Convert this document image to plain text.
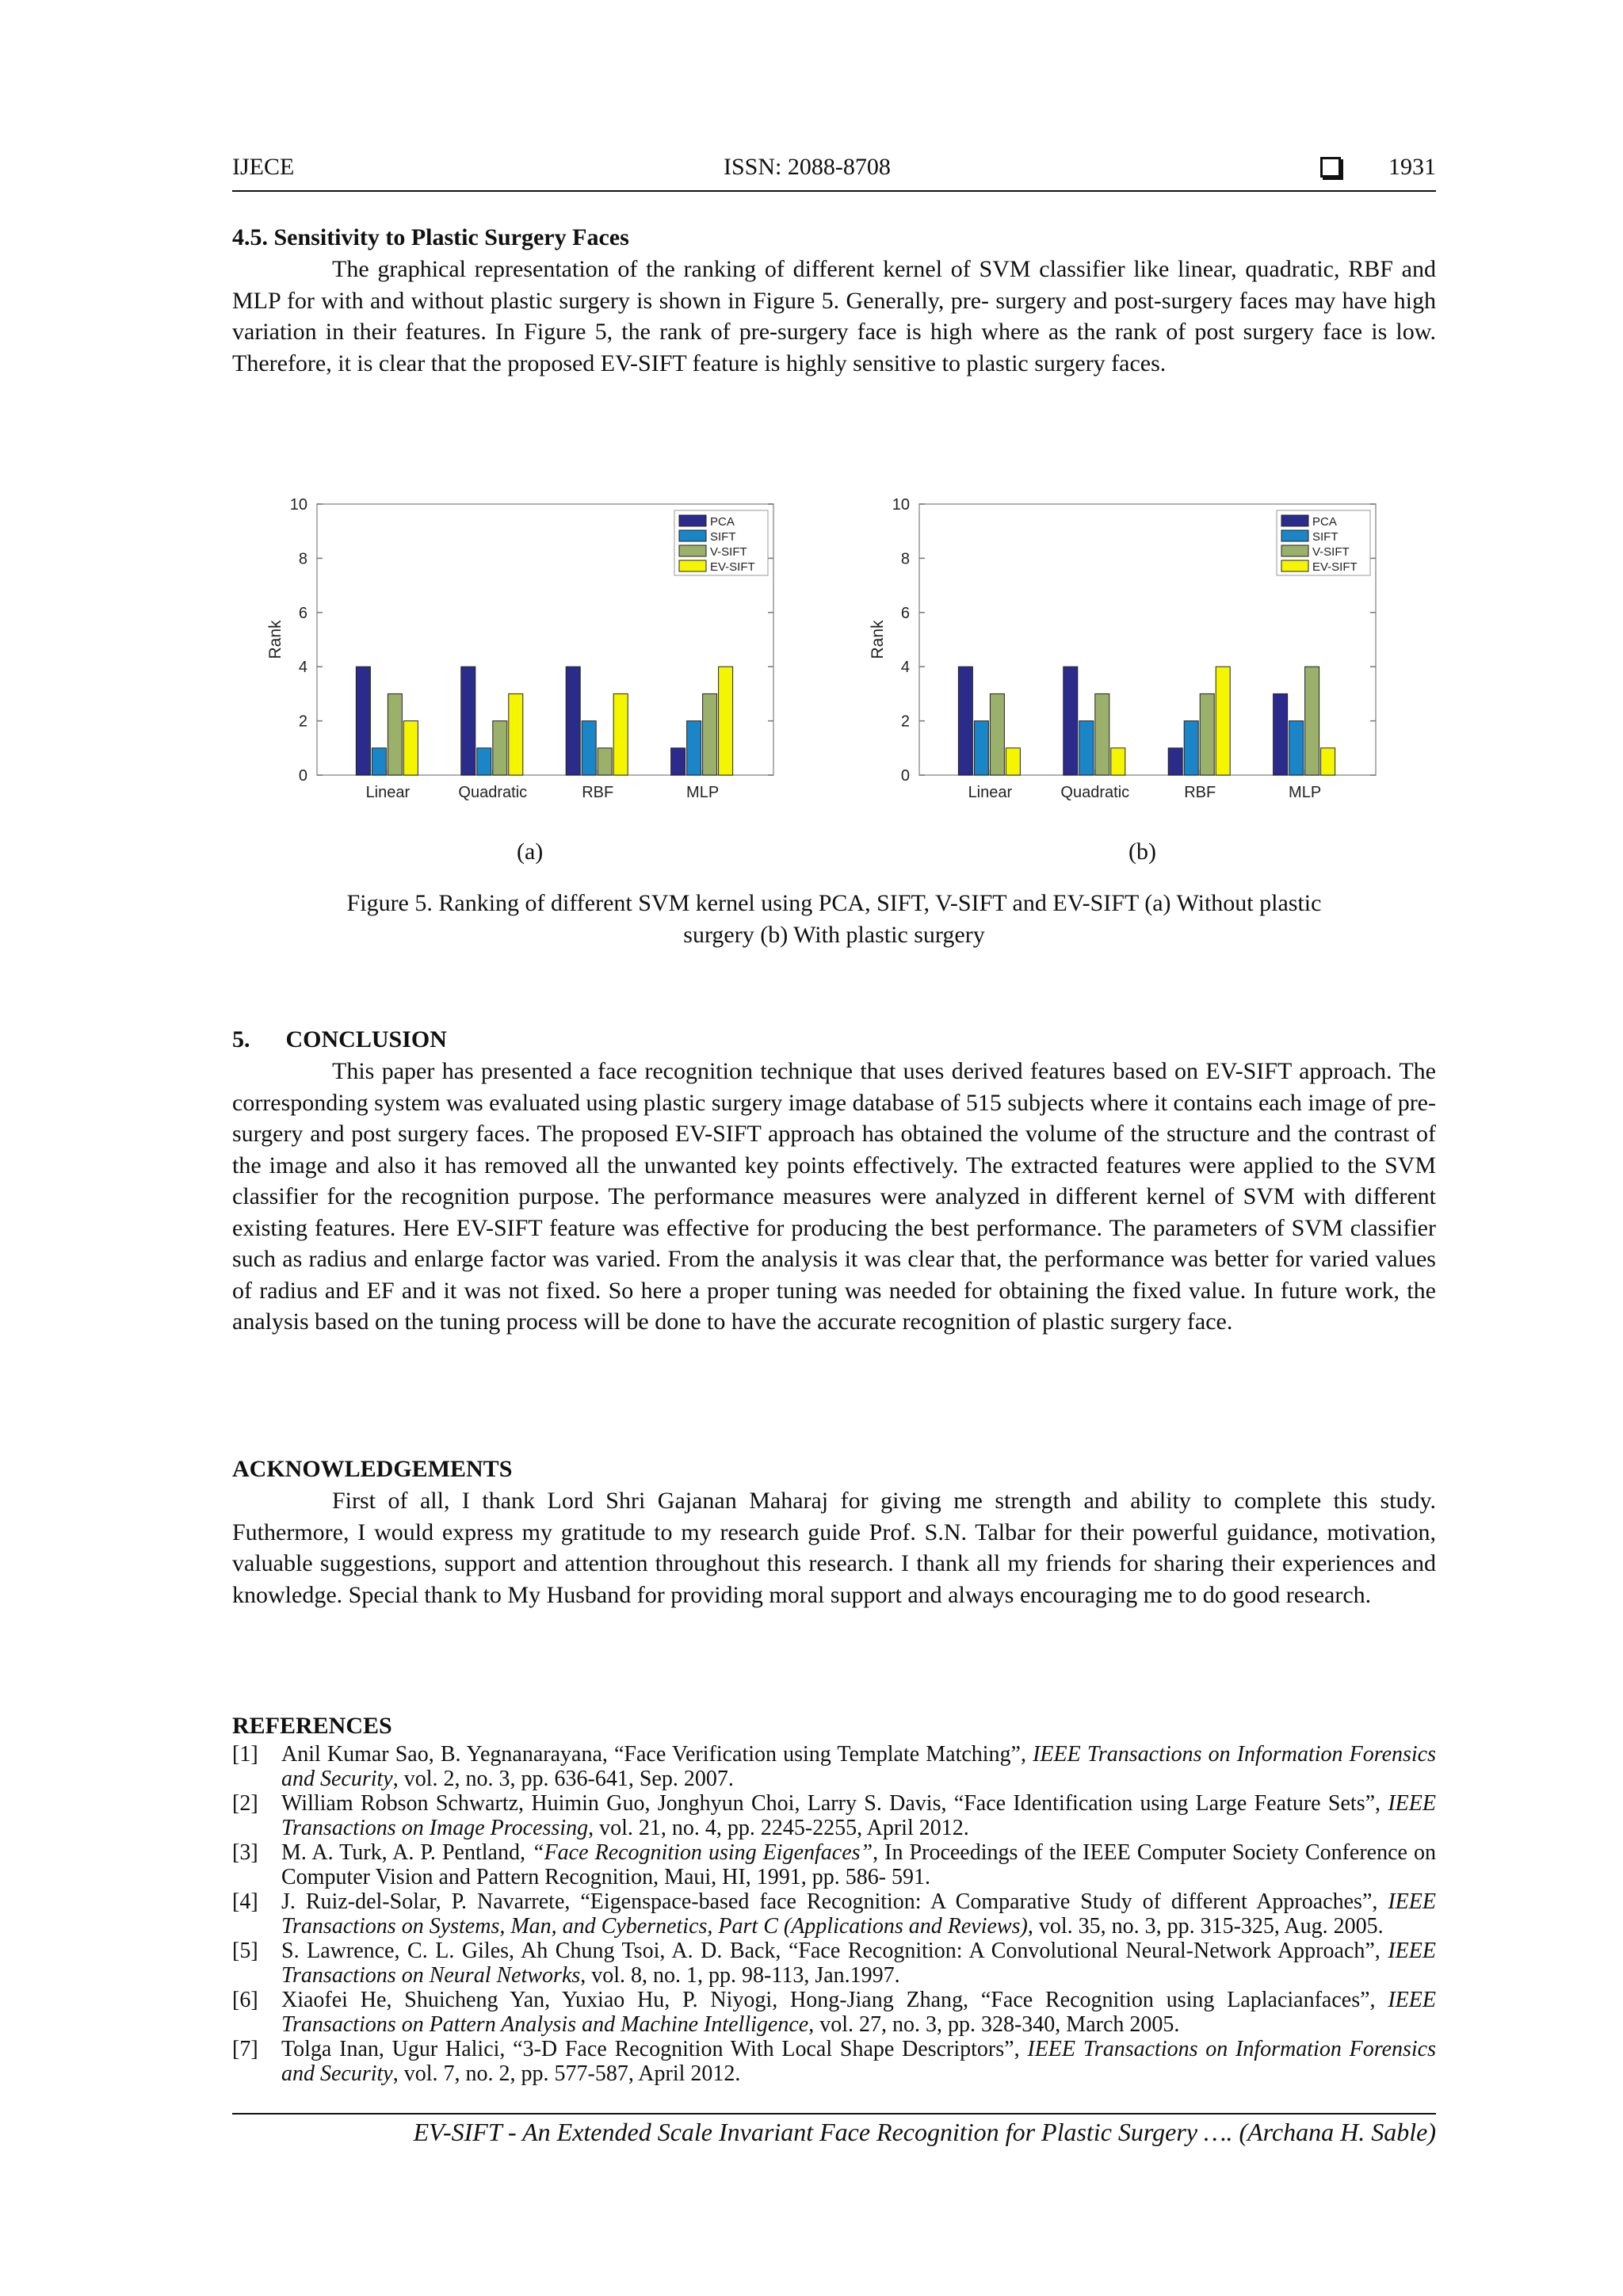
IJECE	ISSN: 2088-8708	1931
4.5. Sensitivity to Plastic Surgery Faces
The graphical representation of the ranking of different kernel of SVM classifier like linear, quadratic, RBF and MLP for with and without plastic surgery is shown in Figure 5. Generally, pre- surgery and post-surgery faces may have high variation in their features. In Figure 5, the rank of pre-surgery face is high where as the rank of post surgery face is low. Therefore, it is clear that the proposed EV-SIFT feature is highly sensitive to plastic surgery faces.
0
2
4
6
8
10
Rank
Linear	Quadratic	RBF	MLP
PCA
SIFT
V-SIFT
EV-SIFT
0
2
4
6
8
10
Rank
Linear	Quadratic	RBF	MLP
PCA
SIFT
V-SIFT
EV-SIFT
(a)	(b)
Figure 5. Ranking of different SVM kernel using PCA, SIFT, V-SIFT and EV-SIFT (a) Without plastic
surgery (b) With plastic surgery
5.      CONCLUSION
This paper has presented a face recognition technique that uses derived features based on EV-SIFT approach. The corresponding system was evaluated using plastic surgery image database of 515 subjects where it contains each image of pre-surgery and post surgery faces. The proposed EV-SIFT approach has obtained the volume of the structure and the contrast of the image and also it has removed all the unwanted key points effectively. The extracted features were applied to the SVM classifier for the recognition purpose. The performance measures were analyzed in different kernel of SVM with different existing features. Here EV-SIFT feature was effective for producing the best performance. The parameters of SVM classifier such as radius and enlarge factor was varied. From the analysis it was clear that, the performance was better for varied values of radius and EF and it was not fixed. So here a proper tuning was needed for obtaining the fixed value. In future work, the analysis based on the tuning process will be done to have the accurate recognition of plastic surgery face.
ACKNOWLEDGEMENTS
First of all, I thank Lord Shri Gajanan Maharaj for giving me strength and ability to complete this study. Futhermore, I would express my gratitude to my research guide Prof. S.N. Talbar for their powerful guidance, motivation, valuable suggestions, support and attention throughout this research. I thank all my friends for sharing their experiences and knowledge. Special thank to My Husband for providing moral support and always encouraging me to do good research.
REFERENCES
[1]	Anil Kumar Sao, B. Yegnanarayana, “Face Verification using Template Matching”, IEEE Transactions on Information Forensics and Security, vol. 2, no. 3, pp. 636-641, Sep. 2007.
[2]	William Robson Schwartz, Huimin Guo, Jonghyun Choi, Larry S. Davis, “Face Identification using Large Feature Sets”, IEEE Transactions on Image Processing, vol. 21, no. 4, pp. 2245-2255, April 2012.
[3]	M. A. Turk, A. P. Pentland, “Face Recognition using Eigenfaces”, In Proceedings of the IEEE Computer Society Conference on Computer Vision and Pattern Recognition, Maui, HI, 1991, pp. 586- 591.
[4]	J. Ruiz-del-Solar, P. Navarrete, “Eigenspace-based face Recognition: A Comparative Study of different Approaches”, IEEE Transactions on Systems, Man, and Cybernetics, Part C (Applications and Reviews), vol. 35, no. 3, pp. 315-325, Aug. 2005.
[5]	S. Lawrence, C. L. Giles, Ah Chung Tsoi, A. D. Back, “Face Recognition: A Convolutional Neural-Network Approach”, IEEE Transactions on Neural Networks, vol. 8, no. 1, pp. 98-113, Jan.1997.
[6]	Xiaofei He, Shuicheng Yan, Yuxiao Hu, P. Niyogi, Hong-Jiang Zhang, “Face Recognition using Laplacianfaces”, IEEE Transactions on Pattern Analysis and Machine Intelligence, vol. 27, no. 3, pp. 328-340, March 2005.
[7]	Tolga Inan, Ugur Halici, “3-D Face Recognition With Local Shape Descriptors”, IEEE Transactions on Information Forensics and Security, vol. 7, no. 2, pp. 577-587, April 2012.
EV-SIFT - An Extended Scale Invariant Face Recognition for Plastic Surgery …. (Archana H. Sable)
